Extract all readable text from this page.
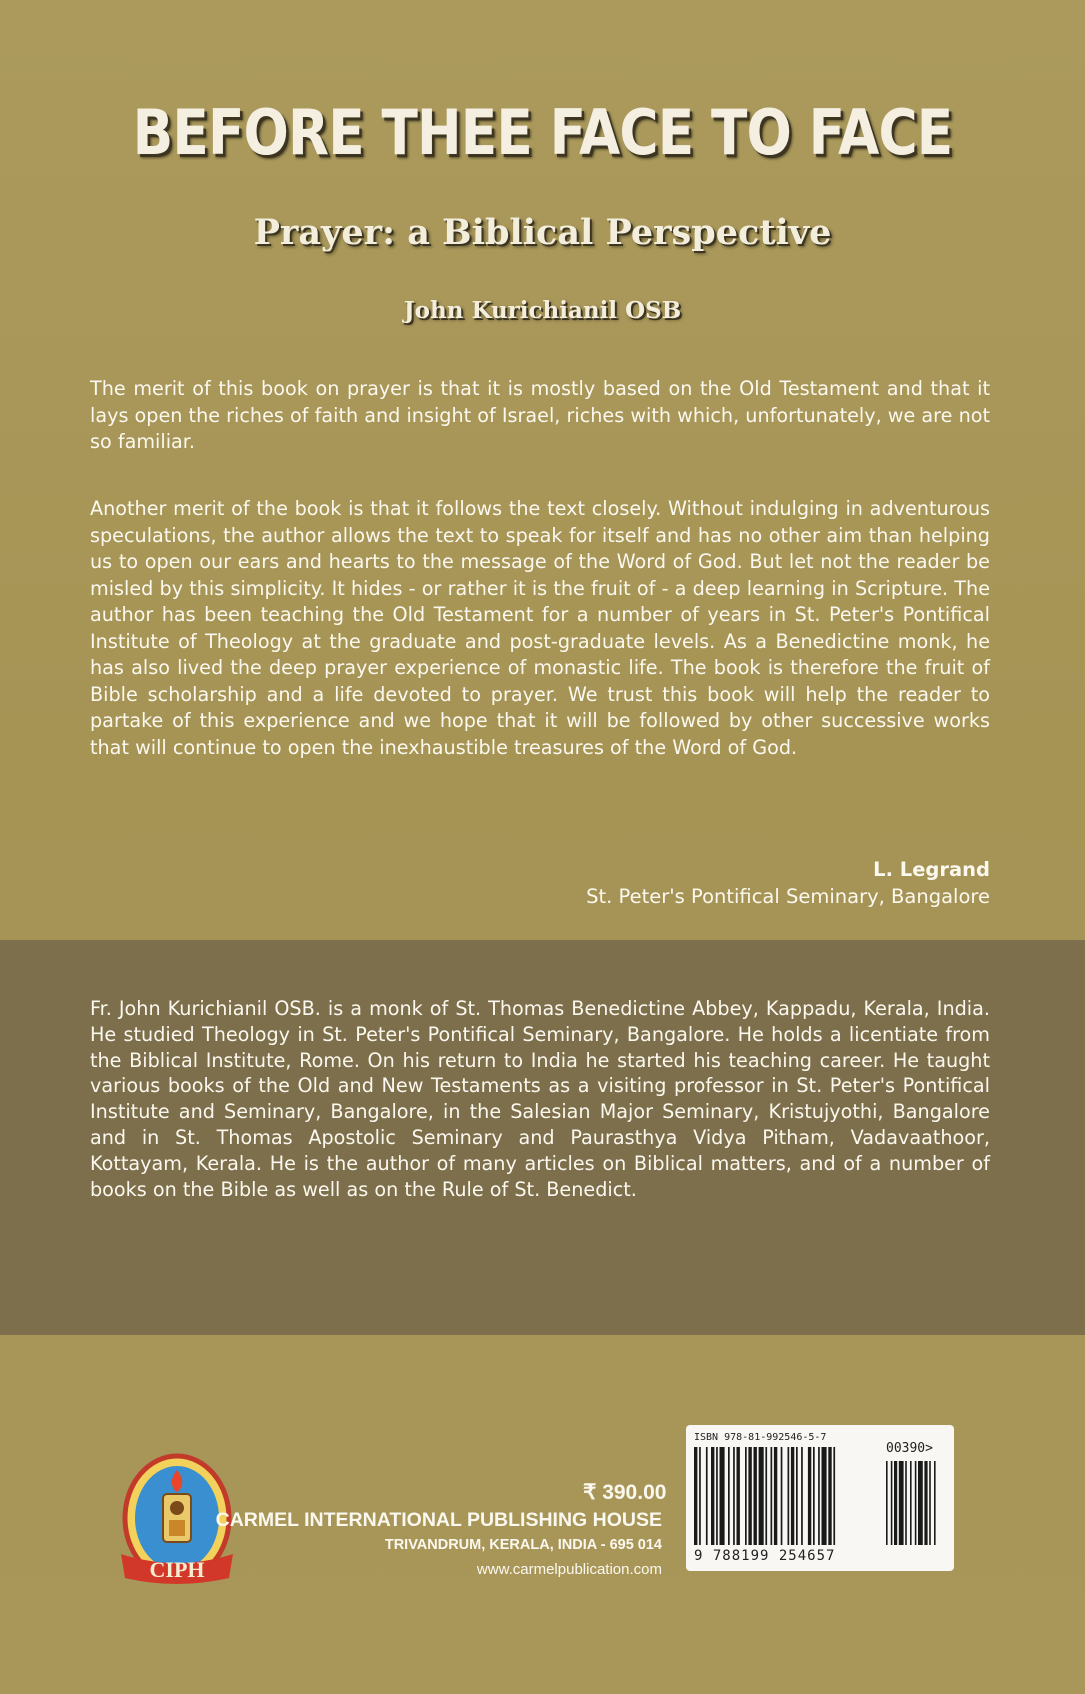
BEFORE THEE FACE TO FACE
Prayer: a Biblical Perspective
John Kurichianil OSB
The merit of this book on prayer is that it is mostly based on the Old Testament and that it lays open the riches of faith and insight of Israel, riches with which, unfortunately, we are not so familiar.
Another merit of the book is that it follows the text closely. Without indulging in adventurous speculations, the author allows the text to speak for itself and has no other aim than helping us to open our ears and hearts to the message of the Word of God. But let not the reader be misled by this simplicity. It hides - or rather it is the fruit of - a deep learning in Scripture. The author has been teaching the Old Testament for a number of years in St. Peter's Pontifical Institute of Theology at the graduate and post-graduate levels. As a Benedictine monk, he has also lived the deep prayer experience of monastic life. The book is therefore the fruit of Bible scholarship and a life devoted to prayer. We trust this book will help the reader to partake of this experience and we hope that it will be followed by other successive works that will continue to open the inexhaustible treasures of the Word of God.
L. Legrand
St. Peter's Pontifical Seminary, Bangalore
Fr. John Kurichianil OSB. is a monk of St. Thomas Benedictine Abbey, Kappadu, Kerala, India. He studied Theology in St. Peter's Pontifical Seminary, Bangalore. He holds a licentiate from the Biblical Institute, Rome. On his return to India he started his teaching career. He taught various books of the Old and New Testaments as a visiting professor in St. Peter's Pontifical Institute and Seminary, Bangalore, in the Salesian Major Seminary, Kristujyothi, Bangalore and in St. Thomas Apostolic Seminary and Paurasthya Vidya Pitham, Vadavaathoor, Kottayam, Kerala. He is the author of many articles on Biblical matters, and of a number of books on the Bible as well as on the Rule of St. Benedict.
CIPH
₹ 390.00
CARMEL INTERNATIONAL PUBLISHING HOUSE
TRIVANDRUM, KERALA, INDIA - 695 014
www.carmelpublication.com
ISBN 978-81-992546-5-7
00390>
9 788199 254657
